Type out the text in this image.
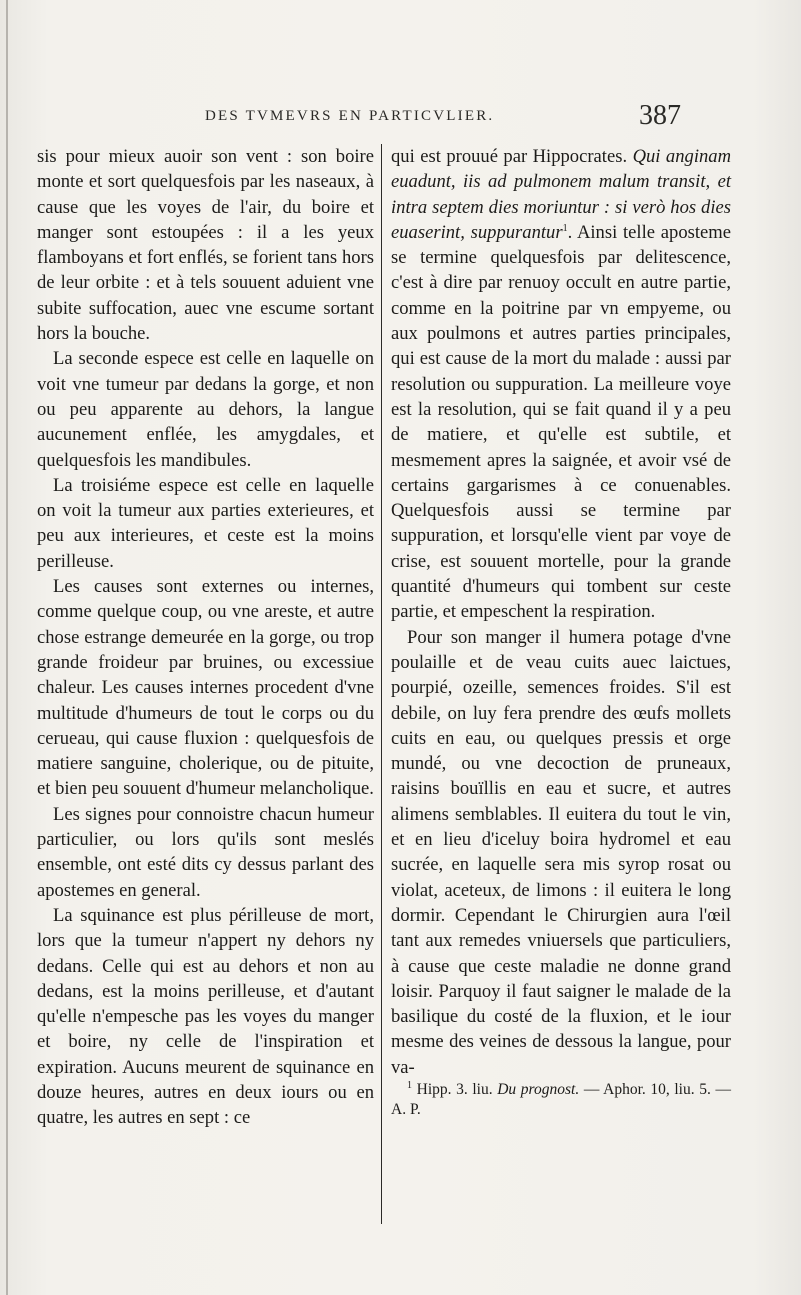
DES TVMEVRS EN PARTICVLIER.	387

sis pour mieux auoir son vent : son boire monte et sort quelquesfois par les naseaux, à cause que les voyes de l'air, du boire et manger sont estoupées : il a les yeux flamboyans et fort enflés, se forient tans hors de leur orbite : et à tels souuent aduient vne subite suffocation, auec vne escume sortant hors la bouche.

La seconde espece est celle en laquelle on voit vne tumeur par dedans la gorge, et non ou peu apparente au dehors, la langue aucunement enflée, les amygdales, et quelquesfois les mandibules.

La troisiéme espece est celle en laquelle on voit la tumeur aux parties exterieures, et peu aux interieures, et ceste est la moins perilleuse.

Les causes sont externes ou internes, comme quelque coup, ou vne areste, et autre chose estrange demeurée en la gorge, ou trop grande froideur par bruines, ou excessiue chaleur. Les causes internes procedent d'vne multitude d'humeurs de tout le corps ou du cerueau, qui cause fluxion : quelquesfois de matiere sanguine, cholerique, ou de pituite, et bien peu souuent d'humeur melancholique.

Les signes pour connoistre chacun humeur particulier, ou lors qu'ils sont meslés ensemble, ont esté dits cy dessus parlant des apostemes en general.

La squinance est plus périlleuse de mort, lors que la tumeur n'appert ny dehors ny dedans. Celle qui est au dehors et non au dedans, est la moins perilleuse, et d'autant qu'elle n'empesche pas les voyes du manger et boire, ny celle de l'inspiration et expiration. Aucuns meurent de squinance en douze heures, autres en deux iours ou en quatre, les autres en sept : ce

qui est prouué par Hippocrates. Qui anginam euadunt, iis ad pulmonem malum transit, et intra septem dies moriuntur : si verò hos dies euaserint, suppurantur$^1$. Ainsi telle aposteme se termine quelquesfois par delitescence, c'est à dire par renuoy occult en autre partie, comme en la poitrine par vn empyeme, ou aux poulmons et autres parties principales, qui est cause de la mort du malade : aussi par resolution ou suppuration. La meilleure voye est la resolution, qui se fait quand il y a peu de matiere, et qu'elle est subtile, et mesmement apres la saignée, et avoir vsé de certains gargarismes à ce conuenables. Quelquesfois aussi se termine par suppuration, et lorsqu'elle vient par voye de crise, est souuent mortelle, pour la grande quantité d'humeurs qui tombent sur ceste partie, et empeschent la respiration.

Pour son manger il humera potage d'vne poulaille et de veau cuits auec laictues, pourpié, ozeille, semences froides. S'il est debile, on luy fera prendre des œufs mollets cuits en eau, ou quelques pressis et orge mundé, ou vne decoction de pruneaux, raisins bouïllis en eau et sucre, et autres alimens semblables. Il euitera du tout le vin, et en lieu d'iceluy boira hydromel et eau sucrée, en laquelle sera mis syrop rosat ou violat, aceteux, de limons : il euitera le long dormir. Cependant le Chirurgien aura l'œil tant aux remedes vniuersels que particuliers, à cause que ceste maladie ne donne grand loisir. Parquoy il faut saigner le malade de la basilique du costé de la fluxion, et le iour mesme des veines de dessous la langue, pour va-

$^1$ Hipp. 3. liu. Du prognost. — Aphor. 10, liu. 5. — A. P.
